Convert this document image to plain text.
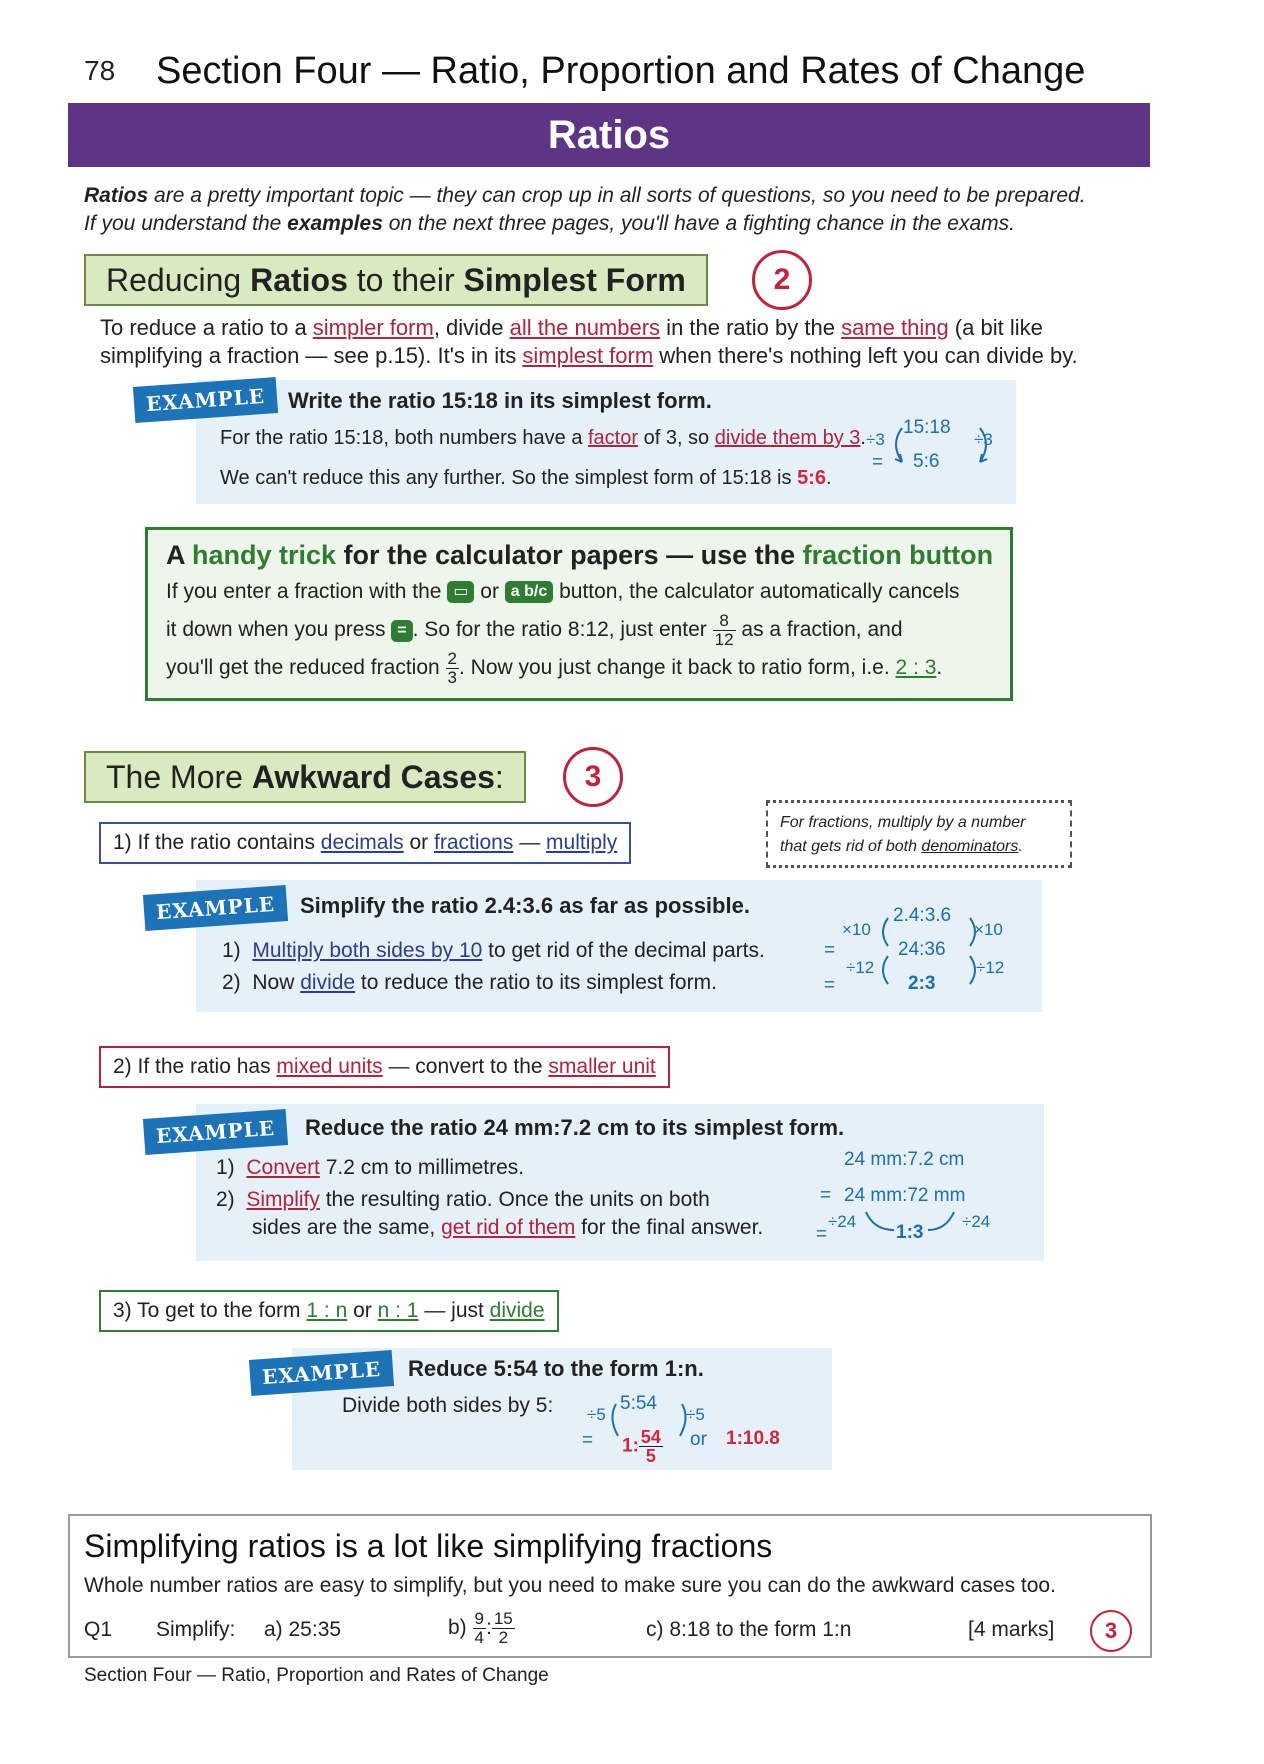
78 Section Four — Ratio, Proportion and Rates of Change
Ratios
Ratios are a pretty important topic — they can crop up in all sorts of questions, so you need to be prepared.
If you understand the examples on the next three pages, you'll have a fighting chance in the exams.
Reducing Ratios to their Simplest Form	2
To reduce a ratio to a simpler form, divide all the numbers in the ratio by the same thing (a bit like
simplifying a fraction — see p.15). It's in its simplest form when there's nothing left you can divide by.
EXAMPLE	Write the ratio 15:18 in its simplest form.
For the ratio 15:18, both numbers have a factor of 3, so divide them by 3.
We can't reduce this any further. So the simplest form of 15:18 is 5:6.
15:18
5:6
÷3	÷3
=
A handy trick for the calculator papers — use the fraction button
If you enter a fraction with the ▭ or a b/c button, the calculator automatically cancels
it down when you press = . So for the ratio 8:12, just enter $\frac{8}{12}$ as a fraction, and
you'll get the reduced fraction $\frac{2}{3}$ . Now you just change it back to ratio form, i.e. 2 : 3.
The More Awkward Cases:	3
For fractions, multiply by a number
that gets rid of both denominators.
1) If the ratio contains decimals or fractions — multiply
EXAMPLE	Simplify the ratio 2.4:3.6 as far as possible.
1) Multiply both sides by 10 to get rid of the decimal parts.
2) Now divide to reduce the ratio to its simplest form.
2.4:3.6
24:36
2:3
×10	×10
÷12	÷12
=
=
2) If the ratio has mixed units — convert to the smaller unit
EXAMPLE	Reduce the ratio 24 mm:7.2 cm to its simplest form.
1) Convert 7.2 cm to millimetres.
2) Simplify the resulting ratio. Once the units on both
sides are the same, get rid of them for the final answer.
24 mm:7.2 cm
24 mm:72 mm
1:3
=
=
÷24	÷24
3) To get to the form 1 : n or n : 1 — just divide
EXAMPLE	Reduce 5:54 to the form 1:n.
Divide both sides by 5:	5:54
÷5	÷5
= 1: $\frac{54}{5}$ or 1:10.8
Simplifying ratios is a lot like simplifying fractions
Whole number ratios are easy to simplify, but you need to make sure you can do the awkward cases too.
Q1 Simplify: a) 25:35	$b) \frac{9}{4}$ : $\frac{15}{2}$	c) 8:18 to the form 1:n	[4 marks]	3
Section Four — Ratio, Proportion and Rates of Change
